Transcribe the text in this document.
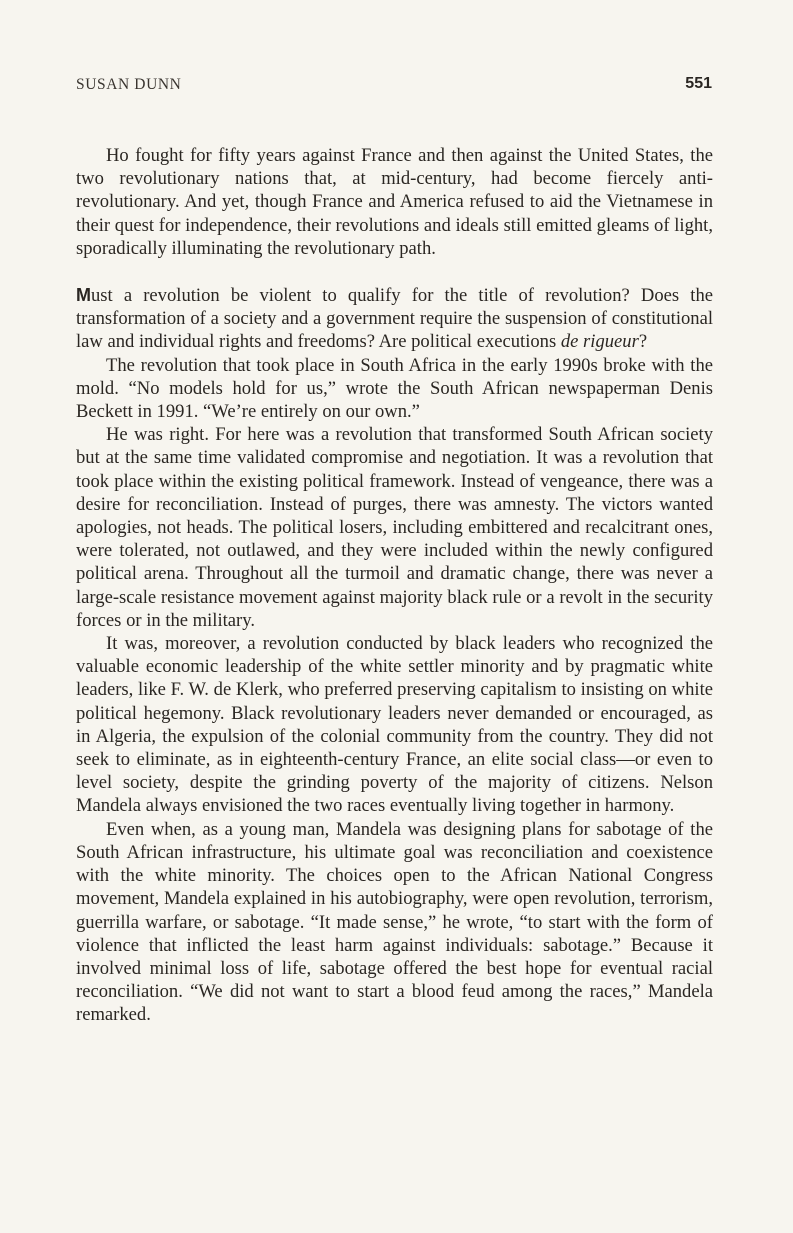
SUSAN DUNN	551

Ho fought for fifty years against France and then against the United States, the two revolutionary nations that, at mid-century, had become fiercely anti-revolutionary. And yet, though France and America refused to aid the Vietnamese in their quest for independence, their revolutions and ideals still emitted gleams of light, sporadically illuminating the revolutionary path.

Must a revolution be violent to qualify for the title of revolution? Does the transformation of a society and a government require the suspension of constitutional law and individual rights and freedoms? Are political executions de rigueur?

The revolution that took place in South Africa in the early 1990s broke with the mold. “No models hold for us,” wrote the South African newspaperman Denis Beckett in 1991. “We’re entirely on our own.”

He was right. For here was a revolution that transformed South African society but at the same time validated compromise and negotiation. It was a revolution that took place within the existing political framework. Instead of vengeance, there was a desire for reconciliation. Instead of purges, there was amnesty. The victors wanted apologies, not heads. The political losers, including embittered and recalcitrant ones, were tolerated, not outlawed, and they were included within the newly configured political arena. Throughout all the turmoil and dramatic change, there was never a large-scale resistance movement against majority black rule or a revolt in the security forces or in the military.

It was, moreover, a revolution conducted by black leaders who recognized the valuable economic leadership of the white settler minority and by pragmatic white leaders, like F. W. de Klerk, who preferred preserving capitalism to insisting on white political hegemony. Black revolutionary leaders never demanded or encouraged, as in Algeria, the expulsion of the colonial community from the country. They did not seek to eliminate, as in eighteenth-century France, an elite social class—or even to level society, despite the grinding poverty of the majority of citizens. Nelson Mandela always envisioned the two races eventually living together in harmony.

Even when, as a young man, Mandela was designing plans for sabotage of the South African infrastructure, his ultimate goal was reconciliation and coexistence with the white minority. The choices open to the African National Congress movement, Mandela explained in his autobiography, were open revolution, terrorism, guerrilla warfare, or sabotage. “It made sense,” he wrote, “to start with the form of violence that inflicted the least harm against individuals: sabotage.” Because it involved minimal loss of life, sabotage offered the best hope for eventual racial reconciliation. “We did not want to start a blood feud among the races,” Mandela remarked.
